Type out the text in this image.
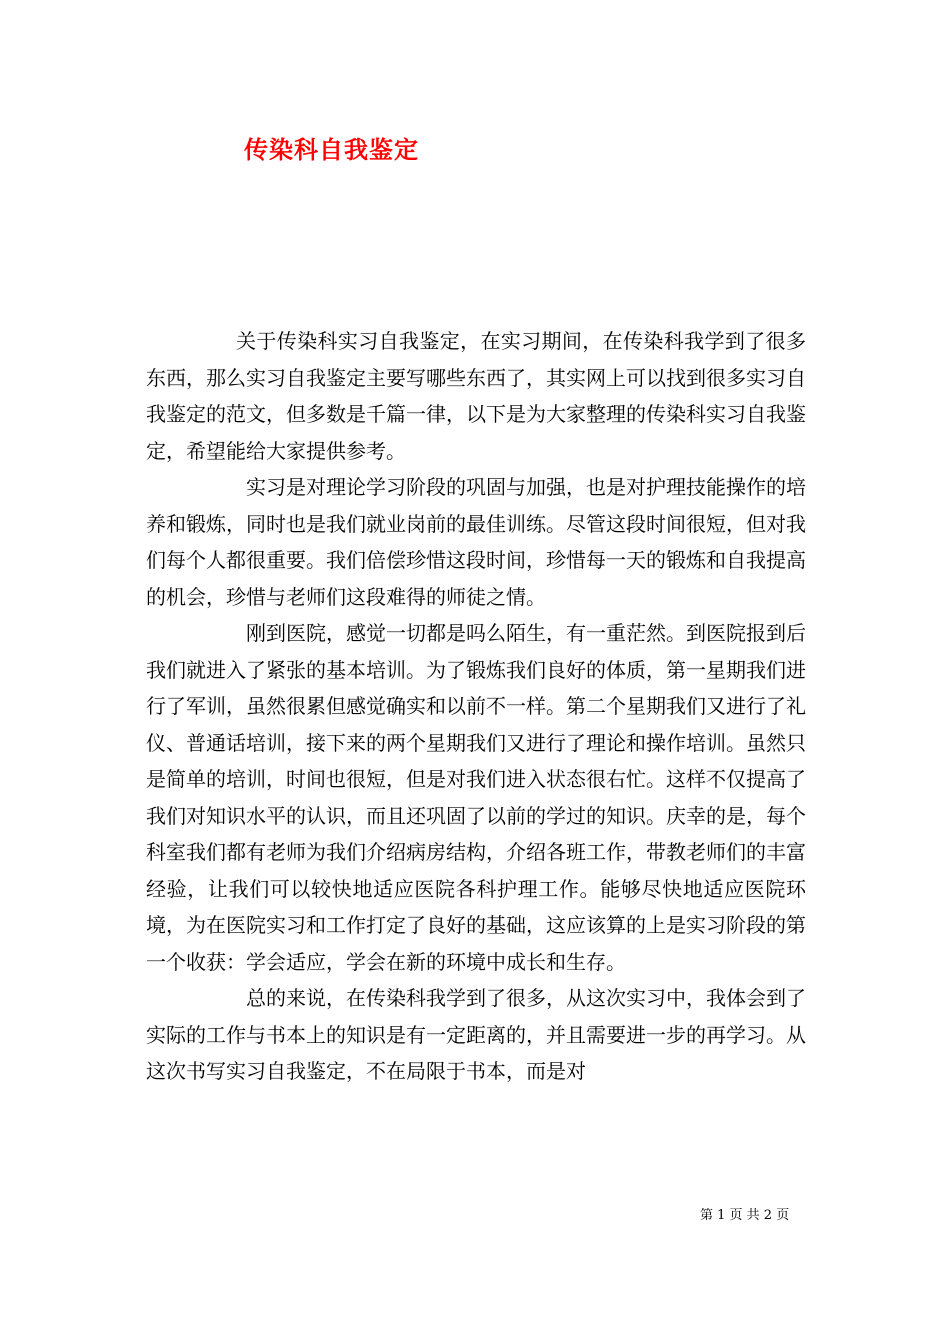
传染科自我鉴定

关于传染科实习自我鉴定，在实习期间，在传染科我学到了很多东西，那么实习自我鉴定主要写哪些东西了，其实网上可以找到很多实习自我鉴定的范文，但多数是千篇一律，以下是为大家整理的传染科实习自我鉴定，希望能给大家提供参考。

实习是对理论学习阶段的巩固与加强，也是对护理技能操作的培养和锻炼，同时也是我们就业岗前的最佳训练。尽管这段时间很短，但对我们每个人都很重要。我们倍偿珍惜这段时间，珍惜每一天的锻炼和自我提高的机会，珍惜与老师们这段难得的师徒之情。

刚到医院，感觉一切都是吗么陌生，有一重茫然。到医院报到后我们就进入了紧张的基本培训。为了锻炼我们良好的体质，第一星期我们进行了军训，虽然很累但感觉确实和以前不一样。第二个星期我们又进行了礼仪、普通话培训，接下来的两个星期我们又进行了理论和操作培训。虽然只是简单的培训，时间也很短，但是对我们进入状态很右忙。这样不仅提高了我们对知识水平的认识，而且还巩固了以前的学过的知识。庆幸的是，每个科室我们都有老师为我们介绍病房结构，介绍各班工作，带教老师们的丰富经验，让我们可以较快地适应医院各科护理工作。能够尽快地适应医院环境，为在医院实习和工作打定了良好的基础，这应该算的上是实习阶段的第一个收获：学会适应，学会在新的环境中成长和生存。

总的来说，在传染科我学到了很多，从这次实习中，我体会到了实际的工作与书本上的知识是有一定距离的，并且需要进一步的再学习。从这次书写实习自我鉴定，不在局限于书本，而是对

第 1 页 共 2 页
